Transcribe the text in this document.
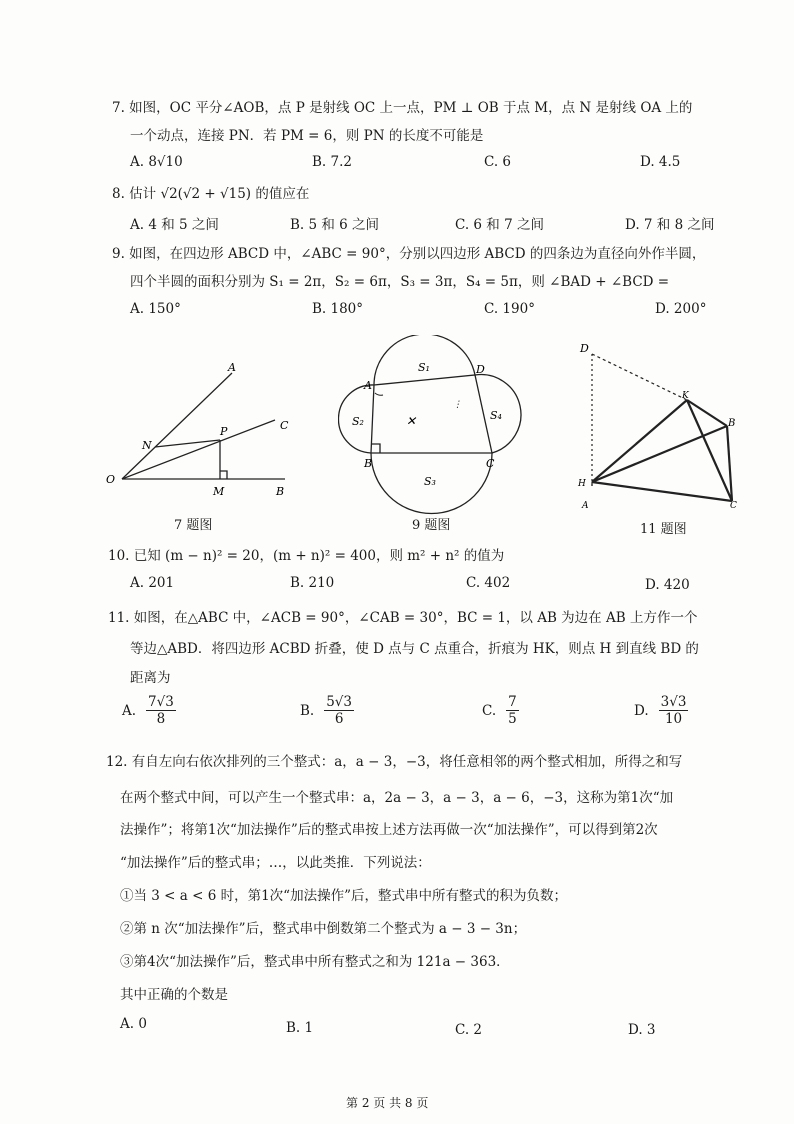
7. 如图，OC 平分∠AOB，点 P 是射线 OC 上一点，PM ⊥ OB 于点 M，点 N 是射线 OA 上的
一个动点，连接 PN．若 PM = 6，则 PN 的长度不可能是
A. 8√10	B. 7.2	C. 6	D. 4.5
8. 估计 √2(√2 + √15) 的值应在
A. 4 和 5 之间	B. 5 和 6 之间	C. 6 和 7 之间	D. 7 和 8 之间
9. 如图，在四边形 ABCD 中，∠ABC = 90°，分别以四边形 ABCD 的四条边为直径向外作半圆，
四个半圆的面积分别为 S₁ = 2π，S₂ = 6π，S₃ = 3π，S₄ = 5π，则 ∠BAD + ∠BCD =
A. 150°	B. 180°	C. 190°	D. 200°
A
C
N
P
O
M	B
7 题图
✕
⋮
S₁
S₂
S₃
S₄
A
D
B	C
9 题图
D
K
B
H
A	C
11 题图
10. 已知 (m − n)² = 20，(m + n)² = 400，则 m² + n² 的值为
A. 201	B. 210	C. 402	D. 420
11. 如图，在△ABC 中，∠ACB = 90°，∠CAB = 30°，BC = 1，以 AB 为边在 AB 上方作一个
等边△ABD．将四边形 ACBD 折叠，使 D 点与 C 点重合，折痕为 HK，则点 H 到直线 BD 的
距离为
A. $\frac{7√3}{8}$	B. $\frac{5√3}{6}$	C. $\frac{7}{5}$	D. $\frac{3√3}{10}$
12. 有自左向右依次排列的三个整式：a，a − 3，−3，将任意相邻的两个整式相加，所得之和写
在两个整式中间，可以产生一个整式串：a，2a − 3，a − 3，a − 6，−3，这称为第1次“加
法操作”；将第1次“加法操作”后的整式串按上述方法再做一次“加法操作”，可以得到第2次
“加法操作”后的整式串；…，以此类推．下列说法：
①当 3 < a < 6 时，第1次“加法操作”后，整式串中所有整式的积为负数；
②第 n 次“加法操作”后，整式串中倒数第二个整式为 a − 3 − 3n；
③第4次“加法操作”后，整式串中所有整式之和为 121a − 363．
其中正确的个数是
A. 0	B. 1	C. 2	D. 3
第 2 页 共 8 页
